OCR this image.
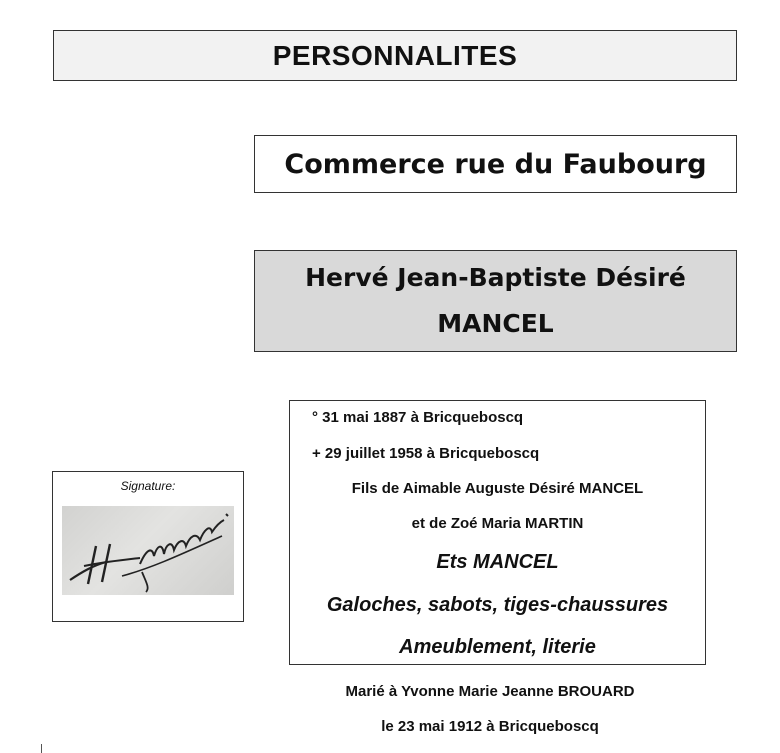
PERSONNALITES
Commerce rue du Faubourg
Hervé Jean-Baptiste Désiré
MANCEL
Signature:
° 31 mai 1887 à Bricqueboscq
+ 29 juillet 1958 à Bricqueboscq
Fils de Aimable Auguste Désiré MANCEL
et de Zoé Maria MARTIN
Ets MANCEL
Galoches, sabots, tiges-chaussures
Ameublement, literie
Marié à Yvonne Marie Jeanne BROUARD
le 23 mai 1912 à Bricqueboscq
